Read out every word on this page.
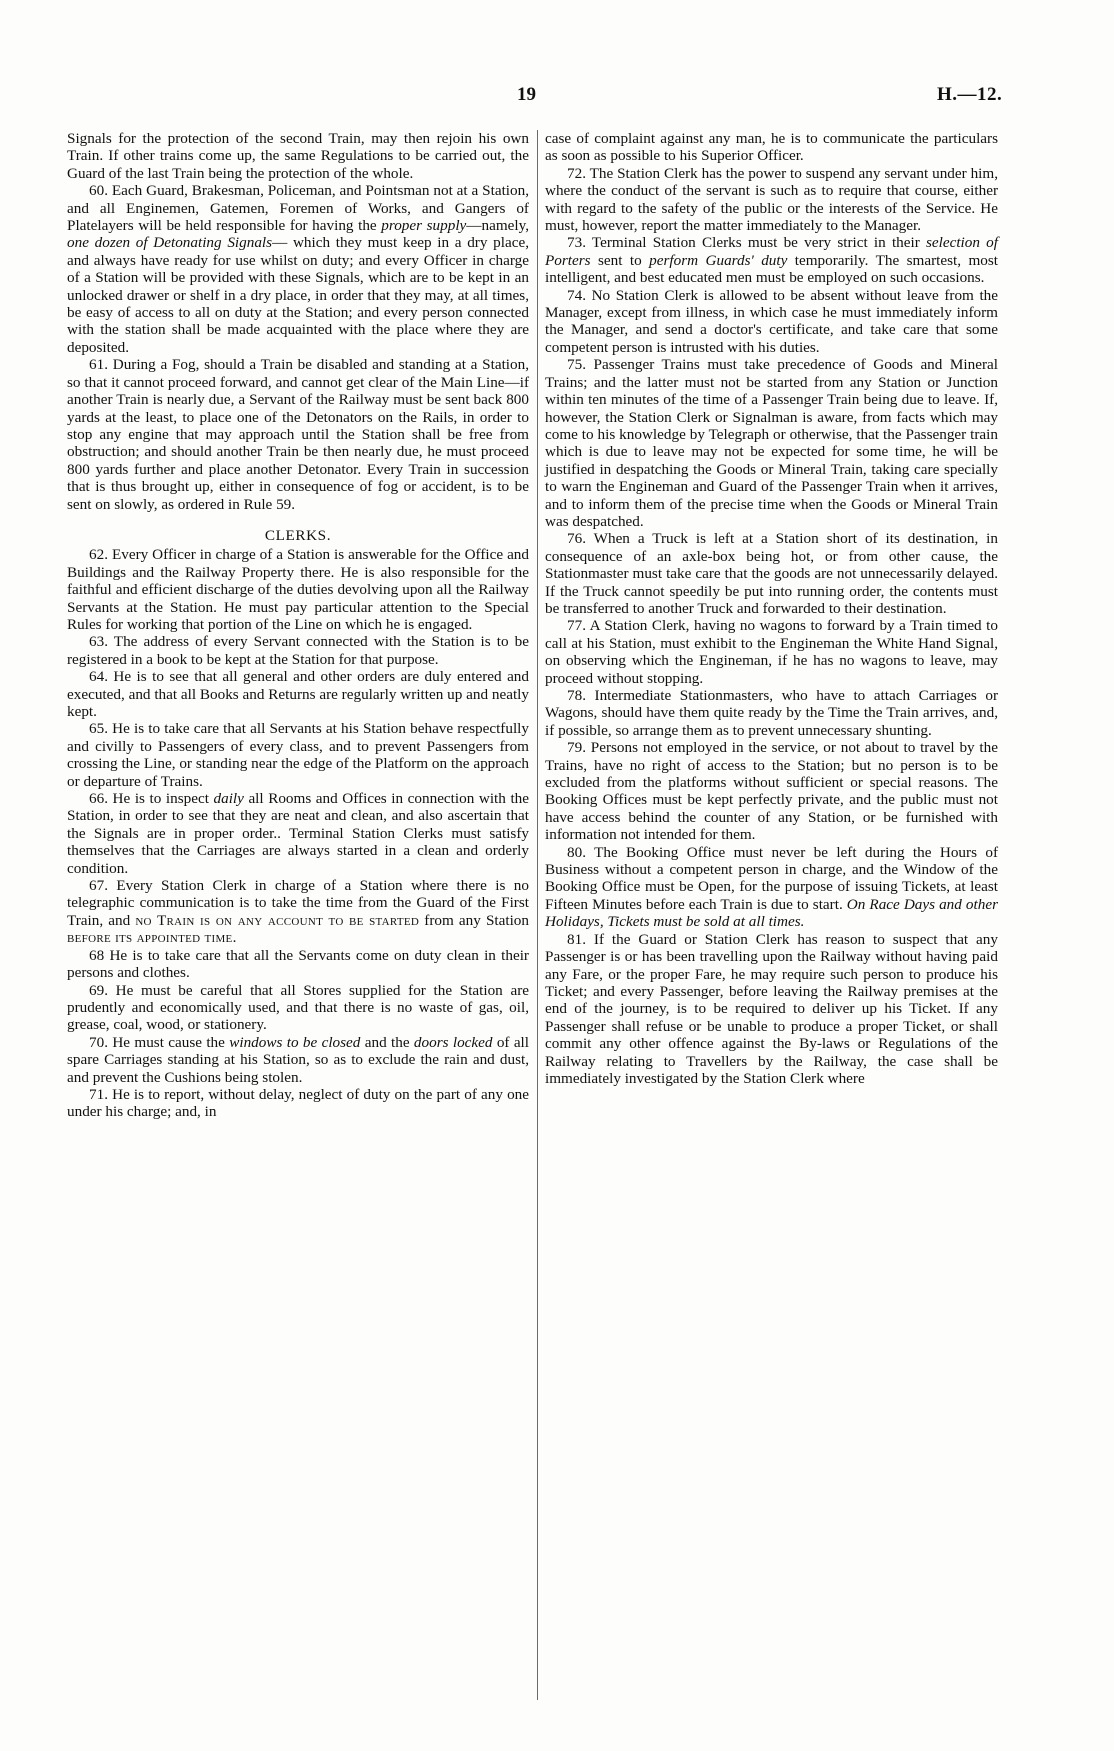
19	H.—12.

Signals for the protection of the second Train, may then rejoin his own Train. If other trains come up, the same Regulations to be carried out, the Guard of the last Train being the protection of the whole.

60. Each Guard, Brakesman, Policeman, and Pointsman not at a Station, and all Enginemen, Gatemen, Foremen of Works, and Gangers of Platelayers will be held responsible for having the proper supply—namely, one dozen of Detonating Signals— which they must keep in a dry place, and always have ready for use whilst on duty; and every Officer in charge of a Station will be provided with these Signals, which are to be kept in an unlocked drawer or shelf in a dry place, in order that they may, at all times, be easy of access to all on duty at the Station; and every person connected with the station shall be made acquainted with the place where they are deposited.

61. During a Fog, should a Train be disabled and standing at a Station, so that it cannot proceed forward, and cannot get clear of the Main Line—if another Train is nearly due, a Servant of the Railway must be sent back 800 yards at the least, to place one of the Detonators on the Rails, in order to stop any engine that may approach until the Station shall be free from obstruction; and should another Train be then nearly due, he must proceed 800 yards further and place another Detonator. Every Train in succession that is thus brought up, either in consequence of fog or accident, is to be sent on slowly, as ordered in Rule 59.

CLERKS.

62. Every Officer in charge of a Station is answerable for the Office and Buildings and the Railway Property there. He is also responsible for the faithful and efficient discharge of the duties devolving upon all the Railway Servants at the Station. He must pay particular attention to the Special Rules for working that portion of the Line on which he is engaged.

63. The address of every Servant connected with the Station is to be registered in a book to be kept at the Station for that purpose.

64. He is to see that all general and other orders are duly entered and executed, and that all Books and Returns are regularly written up and neatly kept.

65. He is to take care that all Servants at his Station behave respectfully and civilly to Passengers of every class, and to prevent Passengers from crossing the Line, or standing near the edge of the Platform on the approach or departure of Trains.

66. He is to inspect daily all Rooms and Offices in connection with the Station, in order to see that they are neat and clean, and also ascertain that the Signals are in proper order.. Terminal Station Clerks must satisfy themselves that the Carriages are always started in a clean and orderly condition.

67. Every Station Clerk in charge of a Station where there is no telegraphic communication is to take the time from the Guard of the First Train, and no Train is on any account to be started from any Station before its appointed time.

68 He is to take care that all the Servants come on duty clean in their persons and clothes.

69. He must be careful that all Stores supplied for the Station are prudently and economically used, and that there is no waste of gas, oil, grease, coal, wood, or stationery.

70. He must cause the windows to be closed and the doors locked of all spare Carriages standing at his Station, so as to exclude the rain and dust, and prevent the Cushions being stolen.

71. He is to report, without delay, neglect of duty on the part of any one under his charge; and, in

case of complaint against any man, he is to communicate the particulars as soon as possible to his Superior Officer.

72. The Station Clerk has the power to suspend any servant under him, where the conduct of the servant is such as to require that course, either with regard to the safety of the public or the interests of the Service. He must, however, report the matter immediately to the Manager.

73. Terminal Station Clerks must be very strict in their selection of Porters sent to perform Guards' duty temporarily. The smartest, most intelligent, and best educated men must be employed on such occasions.

74. No Station Clerk is allowed to be absent without leave from the Manager, except from illness, in which case he must immediately inform the Manager, and send a doctor's certificate, and take care that some competent person is intrusted with his duties.

75. Passenger Trains must take precedence of Goods and Mineral Trains; and the latter must not be started from any Station or Junction within ten minutes of the time of a Passenger Train being due to leave. If, however, the Station Clerk or Signalman is aware, from facts which may come to his knowledge by Telegraph or otherwise, that the Passenger train which is due to leave may not be expected for some time, he will be justified in despatching the Goods or Mineral Train, taking care specially to warn the Engineman and Guard of the Passenger Train when it arrives, and to inform them of the precise time when the Goods or Mineral Train was despatched.

76. When a Truck is left at a Station short of its destination, in consequence of an axle-box being hot, or from other cause, the Stationmaster must take care that the goods are not unnecessarily delayed. If the Truck cannot speedily be put into running order, the contents must be transferred to another Truck and forwarded to their destination.

77. A Station Clerk, having no wagons to forward by a Train timed to call at his Station, must exhibit to the Engineman the White Hand Signal, on observing which the Engineman, if he has no wagons to leave, may proceed without stopping.

78. Intermediate Stationmasters, who have to attach Carriages or Wagons, should have them quite ready by the Time the Train arrives, and, if possible, so arrange them as to prevent unnecessary shunting.

79. Persons not employed in the service, or not about to travel by the Trains, have no right of access to the Station; but no person is to be excluded from the platforms without sufficient or special reasons. The Booking Offices must be kept perfectly private, and the public must not have access behind the counter of any Station, or be furnished with information not intended for them.

80. The Booking Office must never be left during the Hours of Business without a competent person in charge, and the Window of the Booking Office must be Open, for the purpose of issuing Tickets, at least Fifteen Minutes before each Train is due to start. On Race Days and other Holidays, Tickets must be sold at all times.

81. If the Guard or Station Clerk has reason to suspect that any Passenger is or has been travelling upon the Railway without having paid any Fare, or the proper Fare, he may require such person to produce his Ticket; and every Passenger, before leaving the Railway premises at the end of the journey, is to be required to deliver up his Ticket. If any Passenger shall refuse or be unable to produce a proper Ticket, or shall commit any other offence against the By-laws or Regulations of the Railway relating to Travellers by the Railway, the case shall be immediately investigated by the Station Clerk where
